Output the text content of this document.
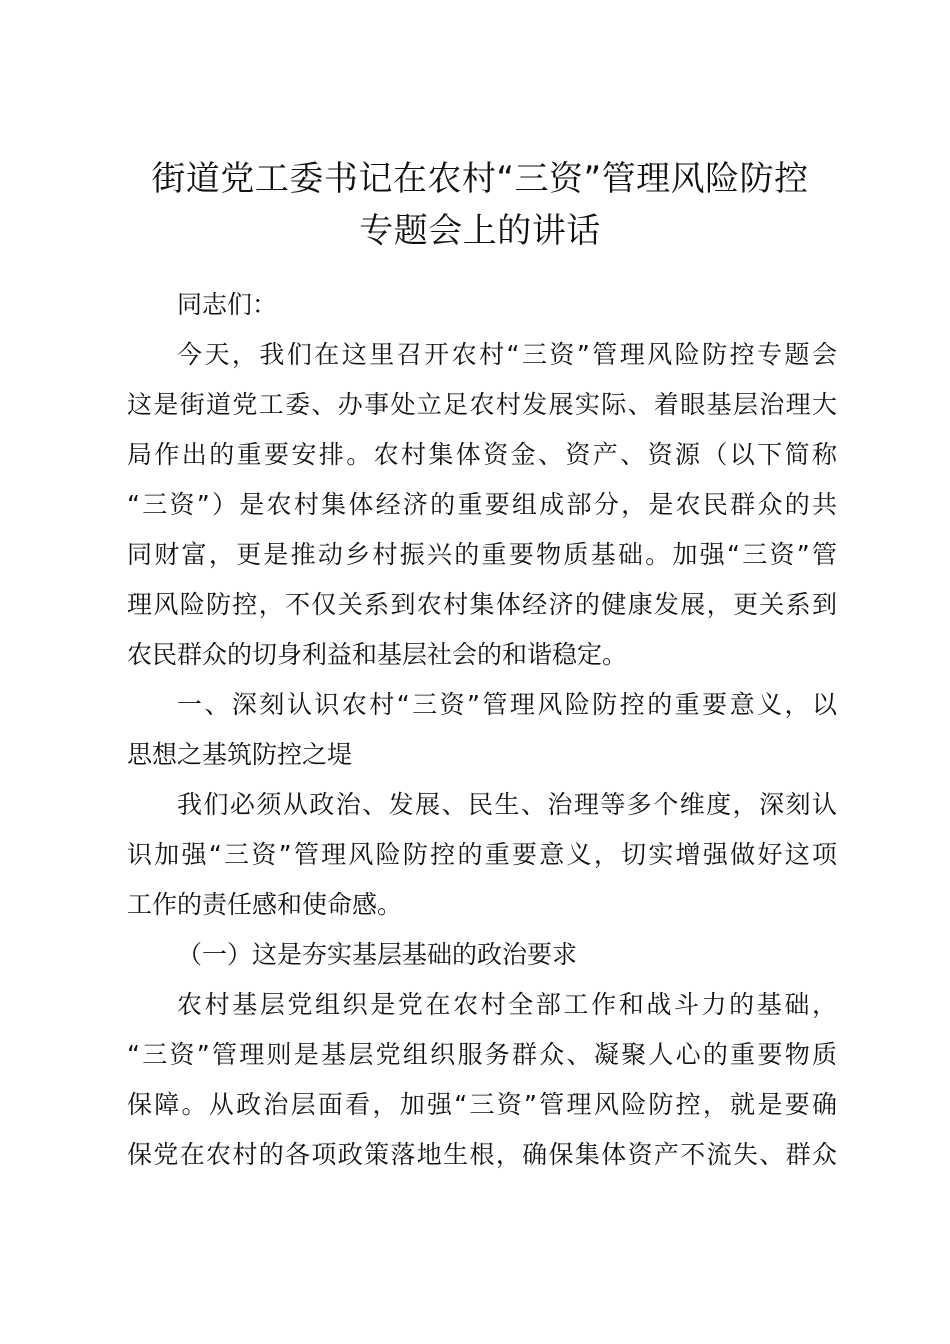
街道党工委书记在农村“三资”管理风险防控
专题会上的讲话
同志们：
今天，我们在这里召开农村“三资”管理风险防控专题会
这是街道党工委、办事处立足农村发展实际、着眼基层治理大
局作出的重要安排。农村集体资金、资产、资源（以下简称
“三资”）是农村集体经济的重要组成部分，是农民群众的共
同财富，更是推动乡村振兴的重要物质基础。加强“三资”管
理风险防控，不仅关系到农村集体经济的健康发展，更关系到
农民群众的切身利益和基层社会的和谐稳定。
一、深刻认识农村“三资”管理风险防控的重要意义，以
思想之基筑防控之堤
我们必须从政治、发展、民生、治理等多个维度，深刻认
识加强“三资”管理风险防控的重要意义，切实增强做好这项
工作的责任感和使命感。
（一）这是夯实基层基础的政治要求
农村基层党组织是党在农村全部工作和战斗力的基础，
“三资”管理则是基层党组织服务群众、凝聚人心的重要物质
保障。从政治层面看，加强“三资”管理风险防控，就是要确
保党在农村的各项政策落地生根，确保集体资产不流失、群众
